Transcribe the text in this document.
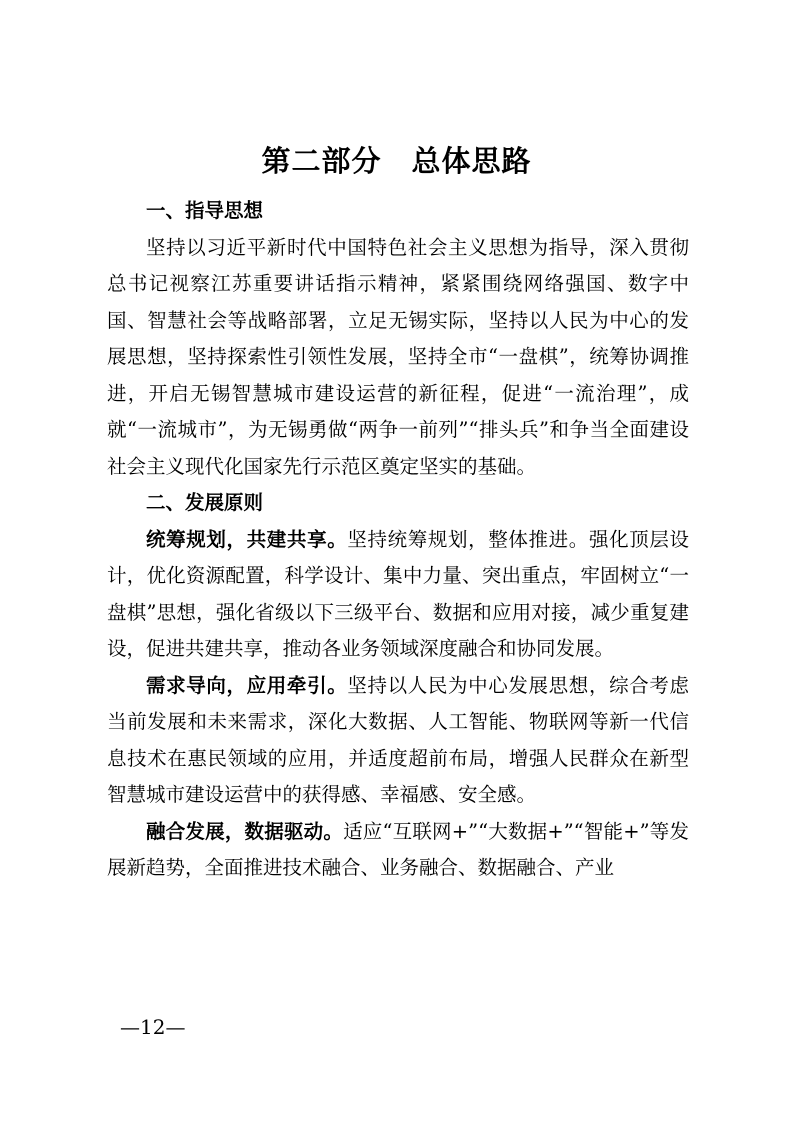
第二部分　总体思路

一、指导思想

坚持以习近平新时代中国特色社会主义思想为指导，深入贯彻总书记视察江苏重要讲话指示精神，紧紧围绕网络强国、数字中国、智慧社会等战略部署，立足无锡实际，坚持以人民为中心的发展思想，坚持探索性引领性发展，坚持全市“一盘棋”，统筹协调推进，开启无锡智慧城市建设运营的新征程，促进“一流治理”，成就“一流城市”，为无锡勇做“两争一前列”“排头兵”和争当全面建设社会主义现代化国家先行示范区奠定坚实的基础。

二、发展原则

统筹规划，共建共享。坚持统筹规划，整体推进。强化顶层设计，优化资源配置，科学设计、集中力量、突出重点，牢固树立“一盘棋”思想，强化省级以下三级平台、数据和应用对接，减少重复建设，促进共建共享，推动各业务领域深度融合和协同发展。

需求导向，应用牵引。坚持以人民为中心发展思想，综合考虑当前发展和未来需求，深化大数据、人工智能、物联网等新一代信息技术在惠民领域的应用，并适度超前布局，增强人民群众在新型智慧城市建设运营中的获得感、幸福感、安全感。

融合发展，数据驱动。适应“互联网+”“大数据+”“智能+”等发展新趋势，全面推进技术融合、业务融合、数据融合、产业

—12—
